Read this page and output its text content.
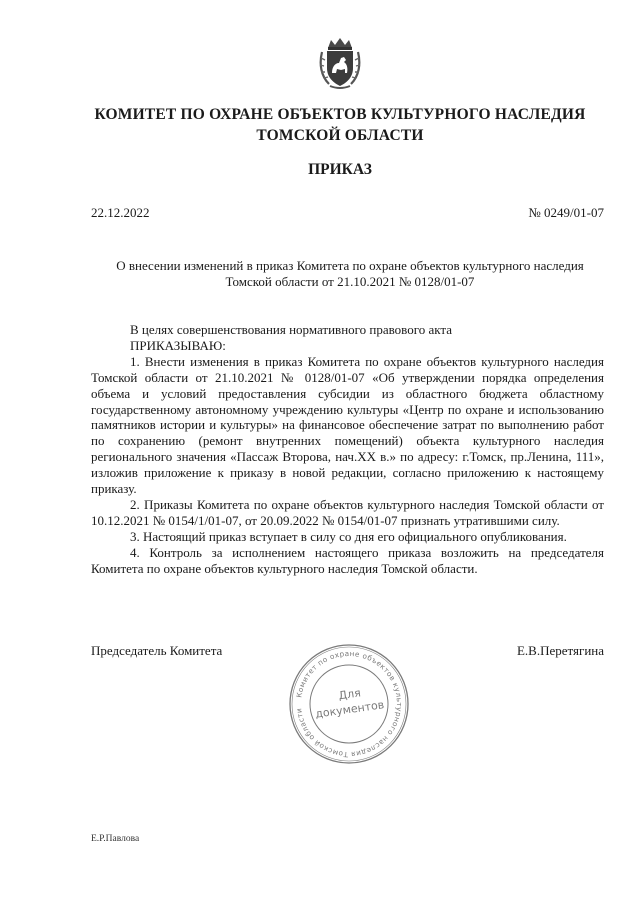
КОМИТЕТ ПО ОХРАНЕ ОБЪЕКТОВ КУЛЬТУРНОГО НАСЛЕДИЯ
ТОМСКОЙ ОБЛАСТИ
ПРИКАЗ
22.12.2022	№ 0249/01-07
О внесении изменений в приказ Комитета по охране объектов культурного наследия
Томской области от 21.10.2021 № 0128/01-07

В целях совершенствования нормативного правового акта

ПРИКАЗЫВАЮ:

1. Внести изменения в приказ Комитета по охране объектов культурного наследия Томской области от 21.10.2021 № 0128/01-07 «Об утверждении порядка определения объема и условий предоставления субсидии из областного бюджета областному государственному автономному учреждению культуры «Центр по охране и использованию памятников истории и культуры» на финансовое обеспечение затрат по выполнению работ по сохранению (ремонт внутренних помещений) объекта культурного наследия регионального значения «Пассаж Второва, нач.XX в.» по адресу: г.Томск, пр.Ленина, 111», изложив приложение к приказу в новой редакции, согласно приложению к настоящему приказу.

2. Приказы Комитета по охране объектов культурного наследия Томской области от 10.12.2021 № 0154/1/01-07, от 20.09.2022 № 0154/01-07 признать утратившими силу.

3. Настоящий приказ вступает в силу со дня его официального опубликования.

4. Контроль за исполнением настоящего приказа возложить на председателя Комитета по охране объектов культурного наследия Томской области.

Председатель Комитета	Е.В.Перетягина
Комитет по охране объектов культурного наследия Томской области
Для
документов
Е.Р.Павлова
